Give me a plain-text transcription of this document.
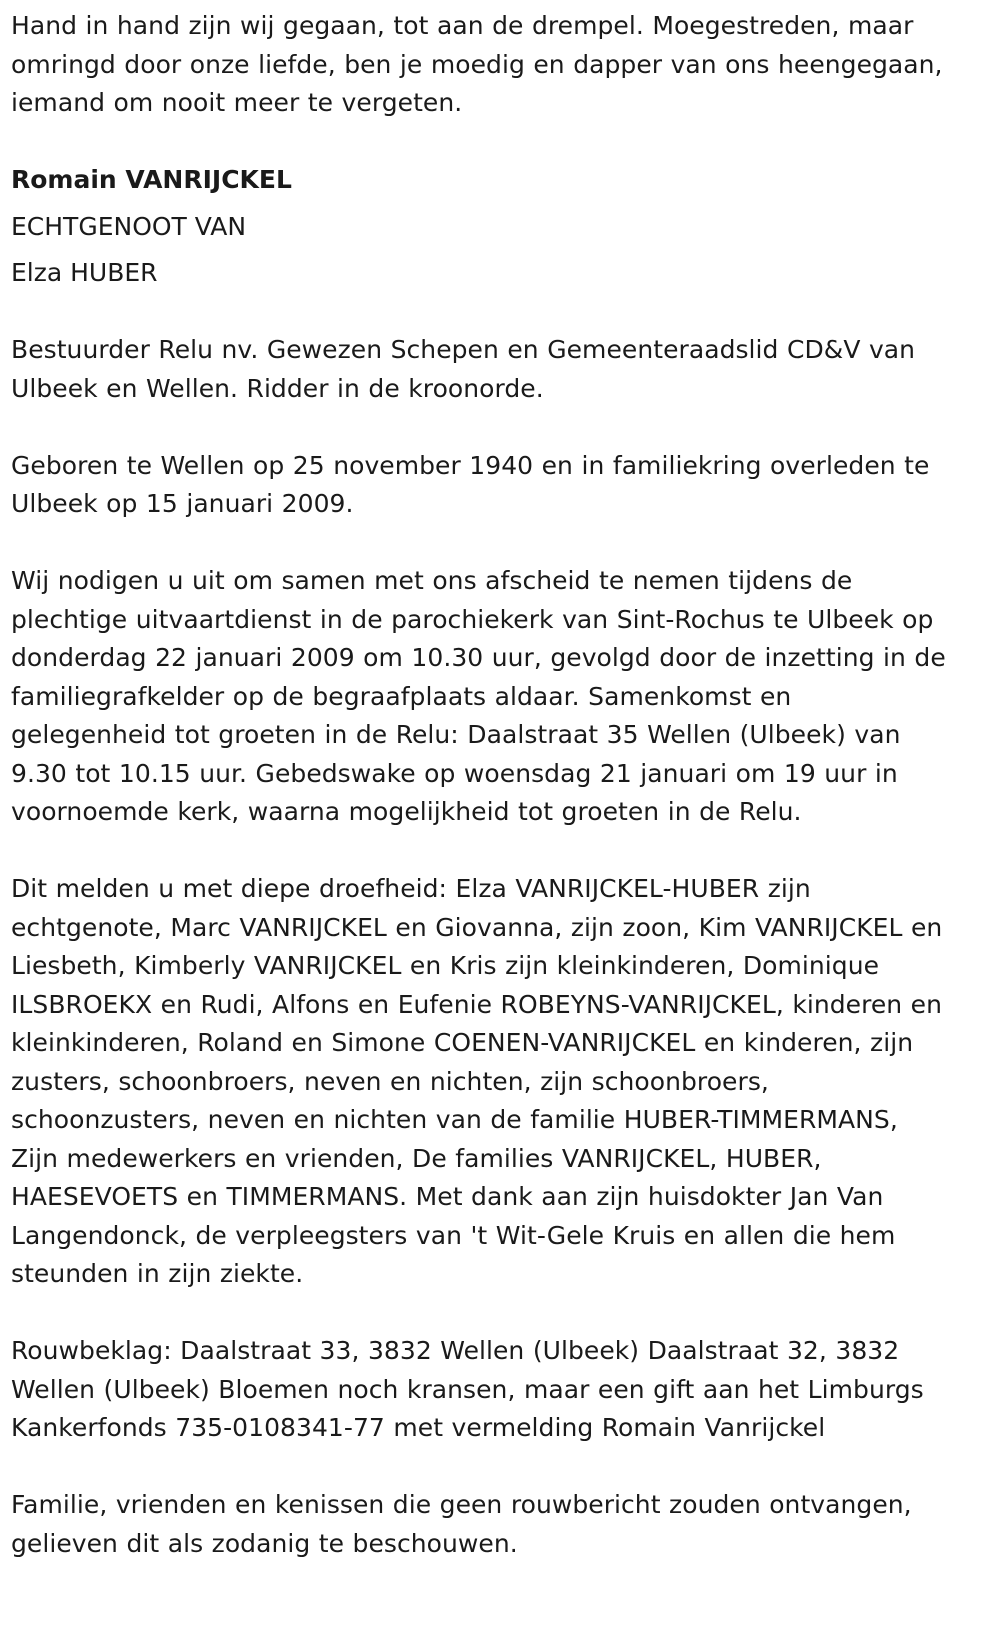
Hand in hand zijn wij gegaan, tot aan de drempel. Moegestreden, maar
omringd door onze liefde, ben je moedig en dapper van ons heengegaan,
iemand om nooit meer te vergeten.

Romain VANRIJCKEL

ECHTGENOOT VAN

Elza HUBER

Bestuurder Relu nv. Gewezen Schepen en Gemeenteraadslid CD&V van
Ulbeek en Wellen. Ridder in de kroonorde.

Geboren te Wellen op 25 november 1940 en in familiekring overleden te
Ulbeek op 15 januari 2009.

Wij nodigen u uit om samen met ons afscheid te nemen tijdens de
plechtige uitvaartdienst in de parochiekerk van Sint-Rochus te Ulbeek op
donderdag 22 januari 2009 om 10.30 uur, gevolgd door de inzetting in de
familiegrafkelder op de begraafplaats aldaar. Samenkomst en
gelegenheid tot groeten in de Relu: Daalstraat 35 Wellen (Ulbeek) van
9.30 tot 10.15 uur. Gebedswake op woensdag 21 januari om 19 uur in
voornoemde kerk, waarna mogelijkheid tot groeten in de Relu.

Dit melden u met diepe droefheid: Elza VANRIJCKEL-HUBER zijn
echtgenote, Marc VANRIJCKEL en Giovanna, zijn zoon, Kim VANRIJCKEL en
Liesbeth, Kimberly VANRIJCKEL en Kris zijn kleinkinderen, Dominique
ILSBROEKX en Rudi, Alfons en Eufenie ROBEYNS-VANRIJCKEL, kinderen en
kleinkinderen, Roland en Simone COENEN-VANRIJCKEL en kinderen, zijn
zusters, schoonbroers, neven en nichten, zijn schoonbroers,
schoonzusters, neven en nichten van de familie HUBER-TIMMERMANS,
Zijn medewerkers en vrienden, De families VANRIJCKEL, HUBER,
HAESEVOETS en TIMMERMANS. Met dank aan zijn huisdokter Jan Van
Langendonck, de verpleegsters van 't Wit-Gele Kruis en allen die hem
steunden in zijn ziekte.

Rouwbeklag: Daalstraat 33, 3832 Wellen (Ulbeek) Daalstraat 32, 3832
Wellen (Ulbeek) Bloemen noch kransen, maar een gift aan het Limburgs
Kankerfonds 735-0108341-77 met vermelding Romain Vanrijckel

Familie, vrienden en kenissen die geen rouwbericht zouden ontvangen,
gelieven dit als zodanig te beschouwen.
